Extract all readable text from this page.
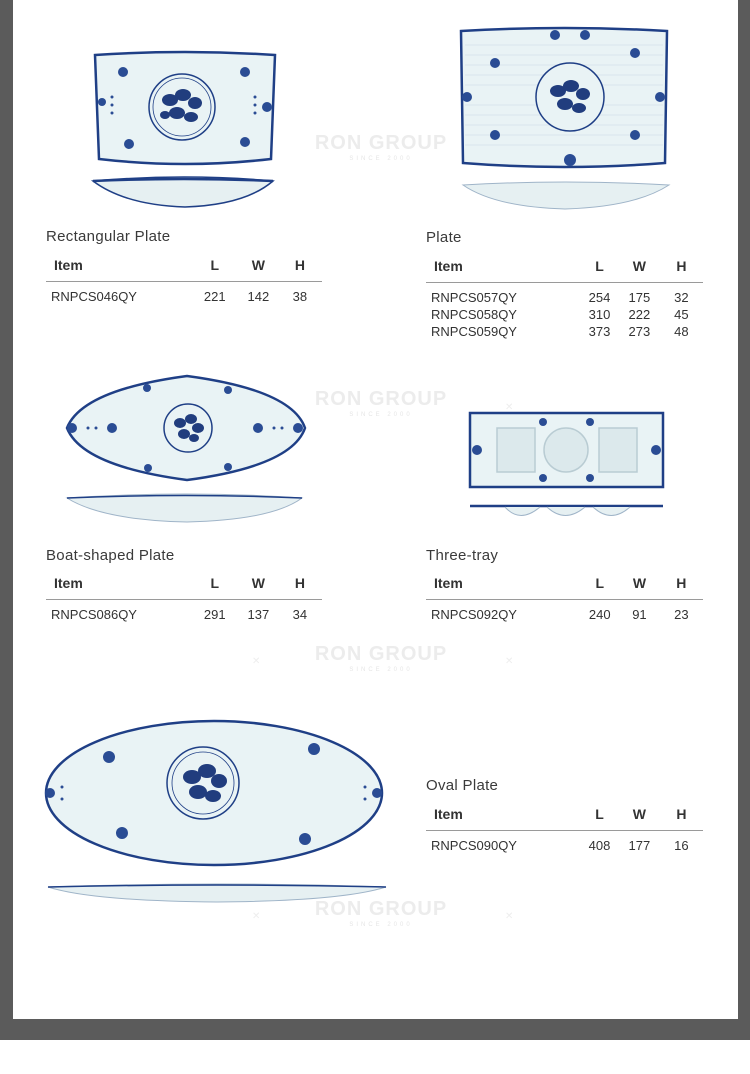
RON GROUP
SINCE 2000
RON GROUP
SINCE 2000
RON GROUP
SINCE 2000
RON GROUP
SINCE 2000
✕
✕	✕
✕	✕
Rectangular Plate
Item	L	W	H
RNPCS046QY	221	142	38
Plate
Item	L	W	H
RNPCS057QY	254	175	32
RNPCS058QY	310	222	45
RNPCS059QY	373	273	48
Boat-shaped Plate
Item	L	W	H
RNPCS086QY	291	137	34
Three-tray
Item	L	W	H
RNPCS092QY	240	91	23
Oval Plate
Item	L	W	H
RNPCS090QY	408	177	16
